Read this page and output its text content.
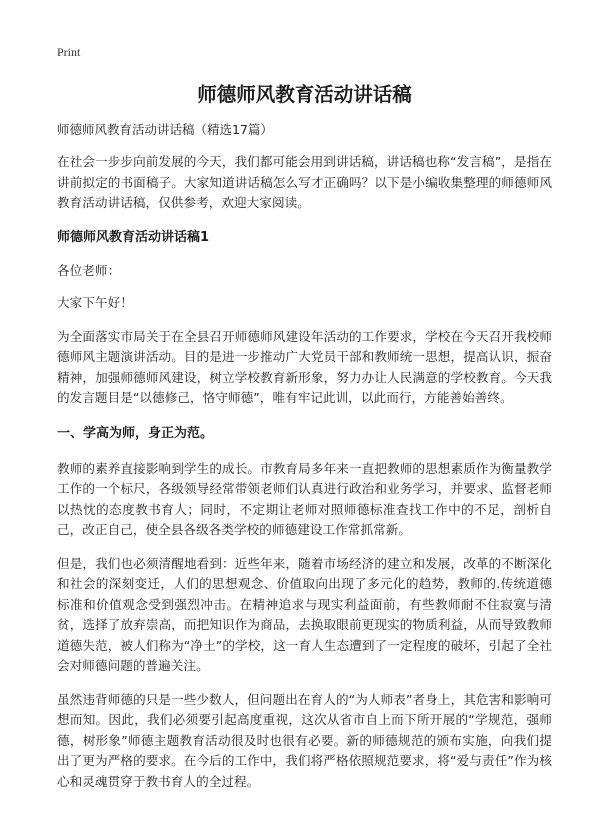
Print
师德师风教育活动讲话稿
师德师风教育活动讲话稿（精选17篇）

在社会一步步向前发展的今天，我们都可能会用到讲话稿，讲话稿也称“发言稿”，是指在讲前拟定的书面稿子。大家知道讲话稿怎么写才正确吗？以下是小编收集整理的师德师风教育活动讲话稿，仅供参考，欢迎大家阅读。

师德师风教育活动讲话稿1

各位老师：

大家下午好！

为全面落实市局关于在全县召开师德师风建设年活动的工作要求，学校在今天召开我校师德师风主题演讲活动。目的是进一步推动广大党员干部和教师统一思想，提高认识，振奋精神，加强师德师风建设，树立学校教育新形象，努力办让人民满意的学校教育。今天我的发言题目是“以德修己，恪守师德”，唯有牢记此训，以此而行，方能善始善终。

一、学高为师，身正为范。

教师的素养直接影响到学生的成长。市教育局多年来一直把教师的思想素质作为衡量教学工作的一个标尺，各级领导经常带领老师们认真进行政治和业务学习，并要求、监督老师以热忱的态度教书育人；同时，不定期让老师对照师德标准查找工作中的不足，剖析自己，改正自己，使全县各级各类学校的师德建设工作常抓常新。

但是，我们也必须清醒地看到：近些年来，随着市场经济的建立和发展，改革的不断深化和社会的深刻变迁，人们的思想观念、价值取向出现了多元化的趋势，教师的.传统道德标准和价值观念受到强烈冲击。在精神追求与现实利益面前，有些教师耐不住寂寞与清贫，选择了放弃崇高，而把知识作为商品，去换取眼前更现实的物质利益，从而导致教师道德失范，被人们称为“净土”的学校，这一育人生态遭到了一定程度的破坏，引起了全社会对师德问题的普遍关注。

虽然违背师德的只是一些少数人，但问题出在育人的“为人师表”者身上，其危害和影响可想而知。因此，我们必须要引起高度重视，这次从省市自上而下所开展的“学规范，强师德，树形象”师德主题教育活动很及时也很有必要。新的师德规范的颁布实施，向我们提出了更为严格的要求。在今后的工作中，我们将严格依照规范要求，将“爱与责任”作为核心和灵魂贯穿于教书育人的全过程。
